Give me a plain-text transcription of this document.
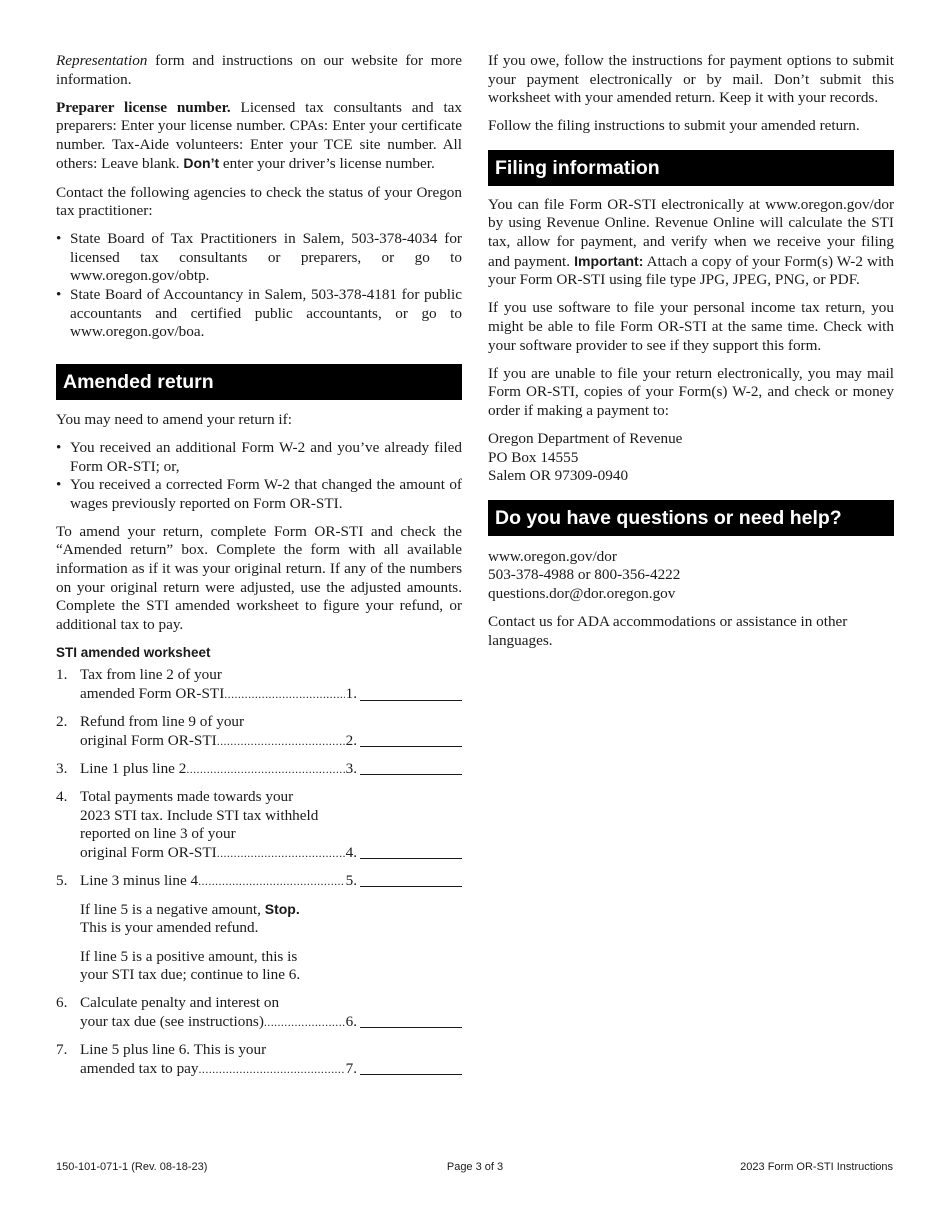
Representation form and instructions on our website for more information.

Preparer license number. Licensed tax consultants and tax preparers: Enter your license number. CPAs: Enter your certificate number. Tax-Aide volunteers: Enter your TCE site number. All others: Leave blank. Don’t enter your driver’s license number.

Contact the following agencies to check the status of your Oregon tax practitioner:

• State Board of Tax Practitioners in Salem, 503-378-4034 for licensed tax consultants or preparers, or go to www.oregon.gov/obtp.
• State Board of Accountancy in Salem, 503-378-4181 for public accountants and certified public accountants, or go to www.oregon.gov/boa.
Amended return

You may need to amend your return if:

• You received an additional Form W-2 and you’ve already filed Form OR-STI; or,
• You received a corrected Form W-2 that changed the amount of wages previously reported on Form OR-STI.

To amend your return, complete Form OR-STI and check the “Amended return” box. Complete the form with all available information as if it was your original return. If any of the numbers on your original return were adjusted, use the adjusted amounts. Complete the STI amended worksheet to figure your refund, or additional tax to pay.

STI amended worksheet
1. Tax from line 2 of your
amended Form OR-STI .....	1.
2. Refund from line 9 of your
original Form OR-STI .....	2.
3. Line 1 plus line 2 .....	3.
4. Total payments made towards your
2023 STI tax. Include STI tax withheld
reported on line 3 of your
original Form OR-STI .....	4.
5. Line 3 minus line 4 .....	5.
If line 5 is a negative amount, Stop.
This is your amended refund.
If line 5 is a positive amount, this is
your STI tax due; continue to line 6.
6. Calculate penalty and interest on
your tax due (see instructions) .....	6.
7. Line 5 plus line 6. This is your
amended tax to pay .....	7.

If you owe, follow the instructions for payment options to submit your payment electronically or by mail. Don’t submit this worksheet with your amended return. Keep it with your records.

Follow the filing instructions to submit your amended return.

Filing information

You can file Form OR-STI electronically at www.oregon.gov/dor by using Revenue Online. Revenue Online will calculate the STI tax, allow for payment, and verify when we receive your filing and payment. Important: Attach a copy of your Form(s) W-2 with your Form OR-STI using file type JPG, JPEG, PNG, or PDF.

If you use software to file your personal income tax return, you might be able to file Form OR-STI at the same time. Check with your software provider to see if they support this form.

If you are unable to file your return electronically, you may mail Form OR-STI, copies of your Form(s) W-2, and check or money order if making a payment to:

Oregon Department of Revenue
PO Box 14555
Salem OR 97309-0940

Do you have questions or need help?

www.oregon.gov/dor
503-378-4988 or 800-356-4222
questions.dor@dor.oregon.gov

Contact us for ADA accommodations or assistance in other languages.

150-101-071-1 (Rev. 08-18-23)	Page 3 of 3	2023 Form OR-STI Instructions
